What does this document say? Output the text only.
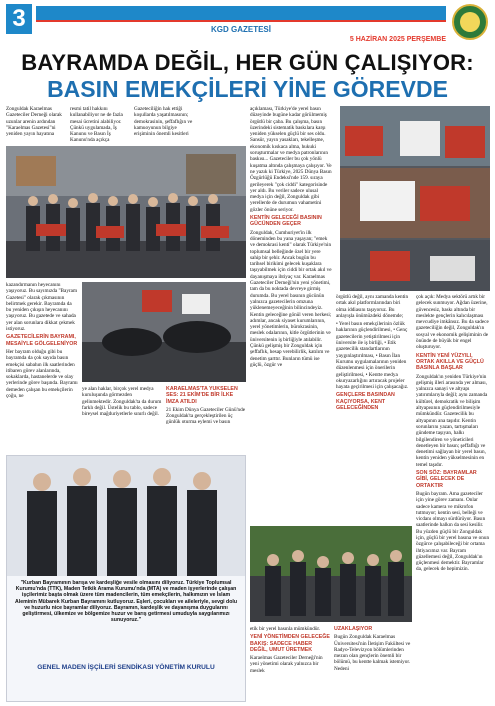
3	KGD GAZETESİ
5 HAZİRAN 2025 PERŞEMBE
BAYRAMDA DEĞİL, HER GÜN ÇALIŞIYOR:
BASIN EMEKÇİLERİ YİNE GÖREVDE
Zonguldak Karaelmas Gazeteciler Derneği olarak uzunlar arenin ardından "Karaelmas Gazetesi"ni yeniden yayın hayatına
resmi tatil hakkını kullanabiliyor ne de fazla mesai ücretini alabiliyor. Çünkü uygulamada, İş Kanunu ve Basın İş Kanunu'nda açıkça
Gazeteciliğin hak ettiği koşullarda yaşatılmasının; demokrasinin, şeffaflığın ve kamuoyunun bilgiye erişiminin önemli kesitleri

kazandırmanın heyecanını yaşıyoruz. Bu sayımızda "Bayram Gazetesi" olarak çıkmasının belirtmek gerekir. Bayramda da bu yeniden çıkışın heyecanını yaşıyoruz. Bu gazetede ve sahada yer alan sorunlara dikkat çekmek istiyoruz.

GAZETECİLERİN BAYRAMI, MESAİYLE GÖLGELENİYOR

Her bayram olduğu gibi bu bayramda da çok sayıda basın emekçisi sabahın ilk saatlerinden itibaren görev alanlarında, sokaklarda, hastanelerde ve olay yerlerinde görev başında. Bayramı demeden çalışan bu emekçilerin çoğu, ne

ye alan haklar, birçok yerel medya kuruluşunda görmezden gelinmektedir. Zonguldak'ta da durum farklı değil. Üstelik bu tablo, sadece bireysel mağduriyetlerle sınırlı değil.

KARAELMAS'TA YÜKSELEN SES: 21 EKİM'DE BİR İLKE İMZA ATILDI

21 Ekim Dünya Gazeteciler Günü'nde Zonguldak'ta gerçekleştirilen üç günlük oturma eylemi ve basın

açıklaması, Türkiye'de yerel basın düzeyinde bugüne kadar görülmemiş örgütlü bir çaba. Bu çalışma, basın üzerindeki sistematik baskılara karşı yeniden yükselen güçlü bir ses oldu. Sansür, yayın yasakları, tekelleşme, ekonomik kıskaca alma, hukuki soruşturmalar ve medya patronlarının baskısı... Gazeteciler bu çok yönlü kuşatma altında çalışmaya çalışıyor. Ve ne yazık ki Türkiye, 2025 Dünya Basın Özgürlüğü Endeksi'nde 159. sıraya gerileyerek "çok ciddi" kategorisinde yer aldı. Bu veriler sadece ulusal medya için değil, Zonguldak gibi yerellerde de durumun vahametini gözler önüne seriyor.

KENTİN GELECEĞİ BASININ GÜCÜNDEN GEÇER

Zonguldak, Cumhuriyet'in ilk döneminden bu yana yaşayan; "emek ve demokrasi kenti" olarak Türkiye'nin toplumsal belleğinde özel bir yere sahip bir şehir. Ancak bugün bu tarihsel birikimi gelecek kuşaklara taşıyabilmek için ciddi bir ortak akıl ve dayanışmaya ihtiyaç var. Karaelmas Gazeteciler Derneği'nin yeni yönetimi, tam da bu noktada devreye girmiş durumda. Bu yerel basının gücünün yalnızca gazetecilerin omzuna yüklenemeyeceğinin bilincindeyiz. Kentin geleceğine gönül veren herkesi; adımlar, ancak siyaset kurumlarının, yerel yönetimlerin, bürokrasinin, meslek odalarının, kitle örgütlerinin ve üniversitenin iş birliğiyle atılabilir. Çünkü gelişmiş bir Zonguldak için şeffaflık, hesap verebilirlik, katılım ve denetim şarttır. Bunların tümü ise güçlü, özgür ve

örgütlü değil, aynı zamanda kentin ortak akıl platformlarından biri olma iddiasını taşıyoruz. Bu anlayışla önümüzdeki dönemde;

• Yerel basın emekçilerinin özlük haklarının güçlendirilmesi, • Genç gazetecilerin yetiştirilmesi için üniversite ile iş birliği, • Etik gazetecilik standartlarının yaygınlaştırılması, • Basın İlan Kurumu uygulamalarının yeniden düzenlenmesi için önerilerin geliştirilmesi, • Kentte medya okuryazarlığını artıracak projeler hayata geçirilmesi için çalışacağız.

GENÇLERE BASINDAN KAÇIYORSA, KENT GELECEĞİNDEN

çok açık: Medya sektörü artık bir gelecek sunmuyor. Ağdan üzerine, güvencesiz, baskı altında bir meslekte gençlerin kalıcılaşması mevcudiye imkânsız. Bu da sadece gazeteciliğin değil, Zonguldak'ın sosyal ve ekonomik gelişiminin de önünde de büyük bir engel oluşturuyor.

KENTİN YENİ YÜZYILI, ORTAK AKILLA VE GÜÇLÜ BASINLA BAŞLAR

Zonguldak'ın yeniden Türkiye'nin gelişmiş illeri arasında yer alması, yalnızca sanayi ve altyapı yatırımlarıyla değil; aynı zamanda kültürel, demokratik ve bilişim altyapısının güçlendirilmesiyle mümkündür. Gazetecilik bu altyapının ana taşıdır. Kentin sorunlarını yazan, tartışmaları gündeme taşıyan, halkı bilgilendiren ve yöneticileri denetleyen bir basın; şeffaflığı ve denetimi sağlayan bir yerel basın, kentin yeniden yükselmesinin en temel taşıdır.

SON SÖZ: BAYRAMLAR GİBİ, GELECEK DE ORTAKTIR

Bugün bayram. Ama gazeteciler için yine görev zamanı. Onlar sadece kamera ve mikrofon tutmuyor; kentin sesi, belleği ve vicdanı olmayı sürdürüyor. Basın saatlerinde halkın da sesi kesilir. Bu yüzden güçlü bir Zonguldak için, güçlü bir yerel basına ve onun özgürce çalışabileceği bir ortama ihtiyacımız var. Bayram güzellemesi değil, Zonguldak'ın güçlenmesi demektir. Bayramlar da, gelecek de hepimizin.

"Kurban Bayramının barışa ve kardeşliğe vesile olmasını diliyoruz. Türkiye Toplumsal Kurumu'nda (TTK), Maden Tetkik Arama Kurumu'nda (MTA) ve maden işyerlerinde çalışan işçilerimiz başta olmak üzere tüm madencilerin, tüm emekçilerin, halkımızın ve İslam Aleminin Mübarek Kurban Bayramını kutluyoruz. Eşleri, çocukları ve aileleriyle, sevgi dolu ve huzurlu nice bayramlar diliyoruz. Bayramın, kardeşlik ve dayanışma duygularını geliştirmesi, ülkemize ve bölgemize huzur ve barış getirmesi umuduyla saygılarımızı sunuyoruz."
GENEL MADEN İŞÇİLERİ SENDİKASI YÖNETİM KURULU

etik bir yerel basınla mümkündür.

YENİ YÖNETİMDEN GELECEĞE BAKIŞ: SADECE HABER DEĞİL, UMUT ÜRETMEK

Karaelmas Gazeteciler Derneği'nin yeni yönetimi olarak yalnızca bir meslek

UZAKLAŞIYOR

Bugün Zonguldak Karaelmas Üniversitesi'nin İletişim Fakültesi ve Radyo-Televizyon bölümlerinden mezun olan gençlerin önemli bir bölümü, bu kentte kalmak istemiyor. Nedeni
